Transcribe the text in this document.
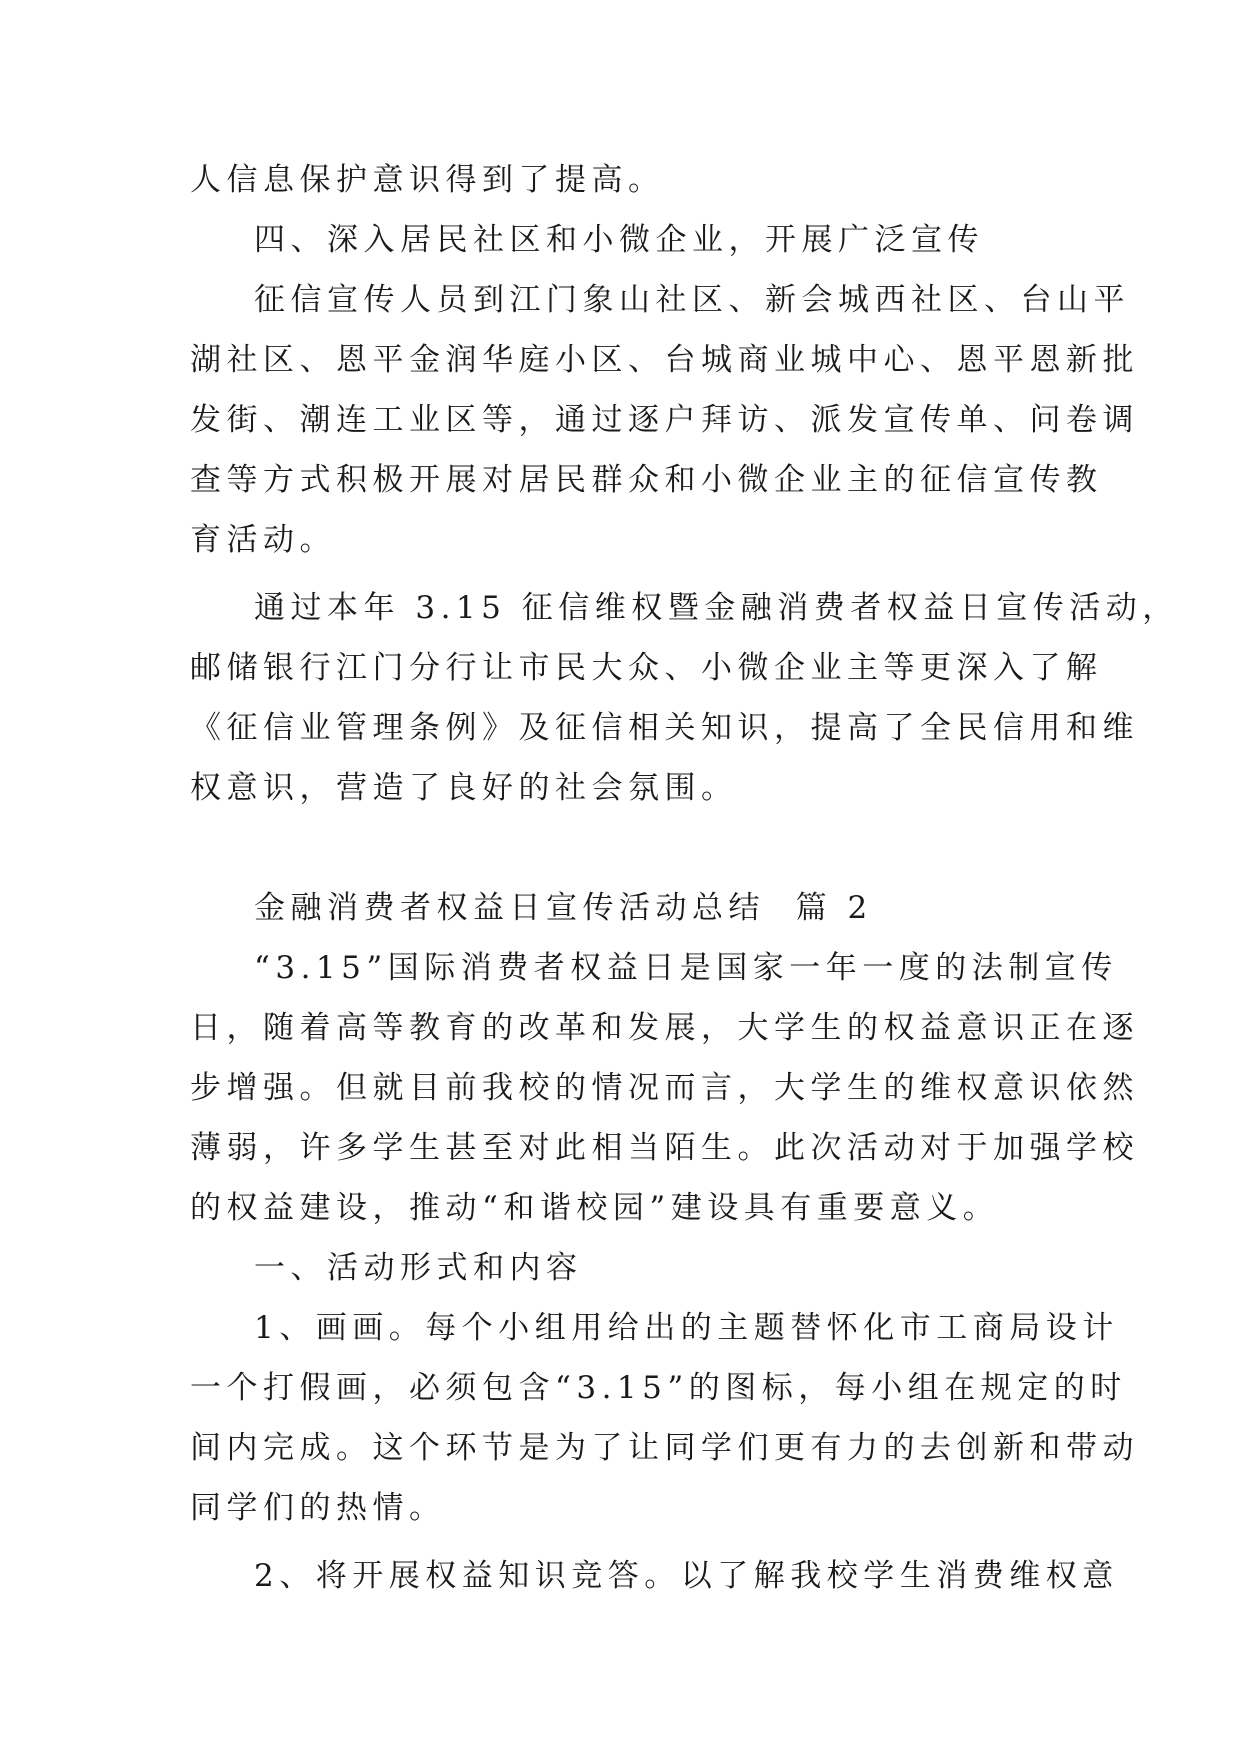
人信息保护意识得到了提高。
四、深入居民社区和小微企业，开展广泛宣传
征信宣传人员到江门象山社区、新会城西社区、台山平
湖社区、恩平金润华庭小区、台城商业城中心、恩平恩新批
发街、潮连工业区等，通过逐户拜访、派发宣传单、问卷调
查等方式积极开展对居民群众和小微企业主的征信宣传教
育活动。
通过本年 3.15 征信维权暨金融消费者权益日宣传活动，
邮储银行江门分行让市民大众、小微企业主等更深入了解
《征信业管理条例》及征信相关知识，提高了全民信用和维
权意识，营造了良好的社会氛围。
金融消费者权益日宣传活动总结  篇 2
“3.15”国际消费者权益日是国家一年一度的法制宣传
日，随着高等教育的改革和发展，大学生的权益意识正在逐
步增强。但就目前我校的情况而言，大学生的维权意识依然
薄弱，许多学生甚至对此相当陌生。此次活动对于加强学校
的权益建设，推动“和谐校园”建设具有重要意义。
一、活动形式和内容
1、画画。每个小组用给出的主题替怀化市工商局设计
一个打假画，必须包含“3.15”的图标，每小组在规定的时
间内完成。这个环节是为了让同学们更有力的去创新和带动
同学们的热情。
2、将开展权益知识竞答。以了解我校学生消费维权意
